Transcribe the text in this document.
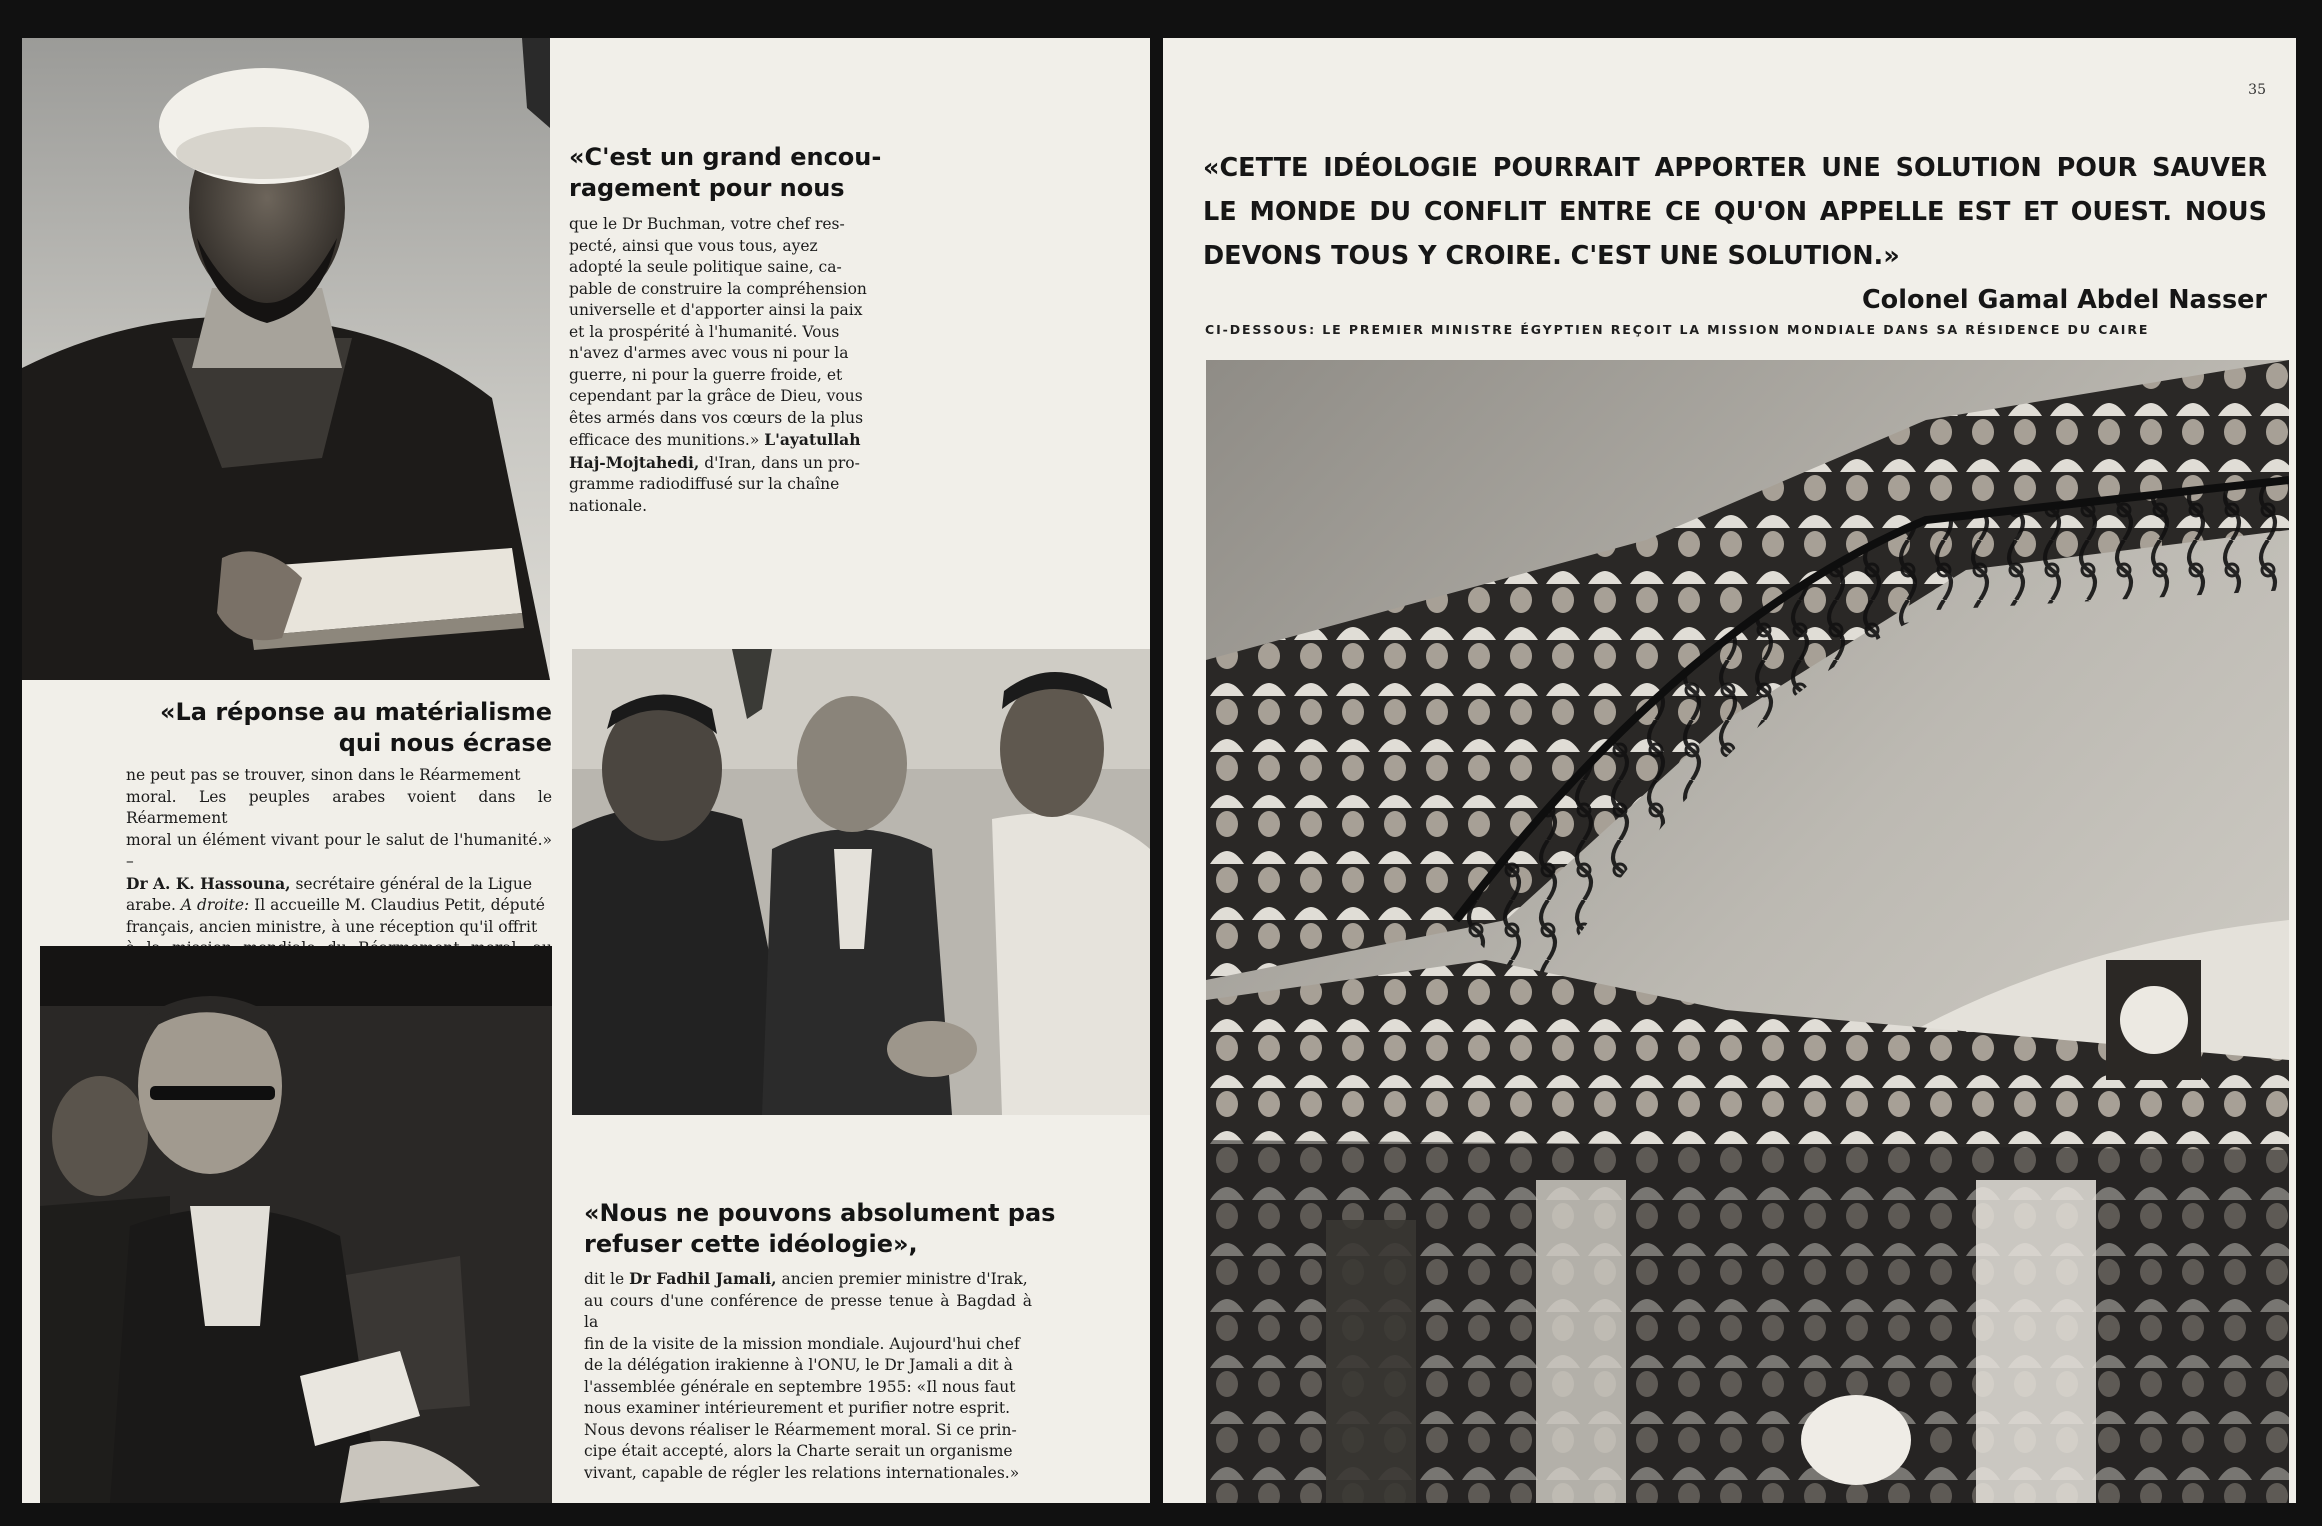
«C'est un grand encou-
ragement pour nous

que le Dr Buchman, votre chef res-
pecté, ainsi que vous tous, ayez
adopté la seule politique saine, ca-
pable de construire la compréhension
universelle et d'apporter ainsi la paix
et la prospérité à l'humanité. Vous
n'avez d'armes avec vous ni pour la
guerre, ni pour la guerre froide, et
cependant par la grâce de Dieu, vous
êtes armés dans vos cœurs de la plus
efficace des munitions.» L'ayatullah
Haj-Mojtahedi, d'Iran, dans un pro-
gramme radiodiffusé sur la chaîne
nationale.

«La réponse au matérialisme
qui nous écrase

ne peut pas se trouver, sinon dans le Réarmement
moral. Les peuples arabes voient dans le Réarmement
moral un élément vivant pour le salut de l'humanité.» –
Dr A. K. Hassouna, secrétaire général de la Ligue
arabe. A droite: Il accueille M. Claudius Petit, député
français, ancien ministre, à une réception qu'il offrit

«Nous ne pouvons absolument pas
refuser cette idéologie»,

dit le Dr Fadhil Jamali, ancien premier ministre d'Irak,
au cours d'une conférence de presse tenue à Bagdad à la
fin de la visite de la mission mondiale. Aujourd'hui chef
de la délégation irakienne à l'ONU, le Dr Jamali a dit à
l'assemblée générale en septembre 1955: «Il nous faut
nous examiner intérieurement et purifier notre esprit.
Nous devons réaliser le Réarmement moral. Si ce prin-
cipe était accepté, alors la Charte serait un organisme
vivant, capable de régler les relations internationales.»
35

«CETTE IDÉOLOGIE POURRAIT APPORTER UNE SOLUTION POUR SAUVER LE MONDE DU CONFLIT ENTRE CE QU'ON APPELLE EST ET OUEST. NOUS DEVONS TOUS Y CROIRE. C'EST UNE SOLUTION.»
Colonel Gamal Abdel Nasser

CI-DESSOUS: LE PREMIER MINISTRE ÉGYPTIEN REÇOIT LA MISSION MONDIALE DANS SA RÉSIDENCE DU CAIRE
